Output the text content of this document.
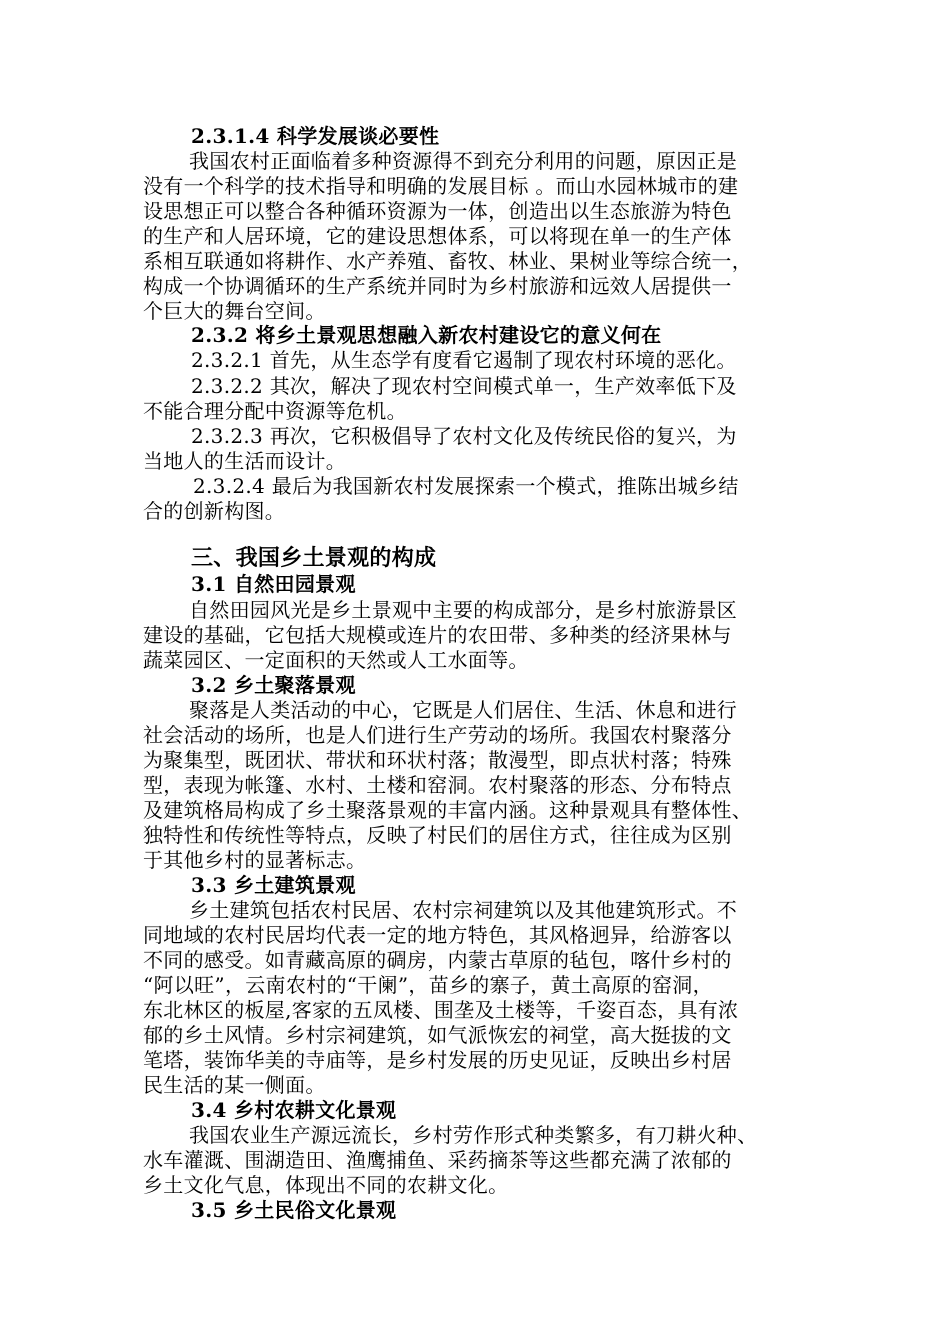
2.3.1.4 科学发展谈必要性
我国农村正面临着多种资源得不到充分利用的问题，原因正是
没有一个科学的技术指导和明确的发展目标 。而山水园林城市的建
设思想正可以整合各种循环资源为一体，创造出以生态旅游为特色
的生产和人居环境，它的建设思想体系，可以将现在单一的生产体
系相互联通如将耕作、水产养殖、畜牧、林业、果树业等综合统一，
构成一个协调循环的生产系统并同时为乡村旅游和远效人居提供一
个巨大的舞台空间。
2.3.2 将乡土景观思想融入新农村建设它的意义何在
2.3.2.1 首先，从生态学有度看它遏制了现农村环境的恶化。
2.3.2.2 其次，解决了现农村空间模式单一，生产效率低下及
不能合理分配中资源等危机。
2.3.2.3 再次，它积极倡导了农村文化及传统民俗的复兴，为
当地人的生活而设计。
2.3.2.4 最后为我国新农村发展探索一个模式，推陈出城乡结
合的创新构图。
三、我国乡土景观的构成
3.1 自然田园景观
自然田园风光是乡土景观中主要的构成部分，是乡村旅游景区
建设的基础，它包括大规模或连片的农田带、多种类的经济果林与
蔬菜园区、一定面积的天然或人工水面等。
3.2 乡土聚落景观
聚落是人类活动的中心，它既是人们居住、生活、休息和进行
社会活动的场所，也是人们进行生产劳动的场所。我国农村聚落分
为聚集型，既团状、带状和环状村落；散漫型，即点状村落；特殊
型，表现为帐篷、水村、土楼和窑洞。农村聚落的形态、分布特点
及建筑格局构成了乡土聚落景观的丰富内涵。这种景观具有整体性、
独特性和传统性等特点，反映了村民们的居住方式，往往成为区别
于其他乡村的显著标志。
3.3 乡土建筑景观
乡土建筑包括农村民居、农村宗祠建筑以及其他建筑形式。不
同地域的农村民居均代表一定的地方特色，其风格迥异，给游客以
不同的感受。如青藏高原的碉房，内蒙古草原的毡包，喀什乡村的
“阿以旺”，云南农村的“干阑”，苗乡的寨子，黄土高原的窑洞，
东北林区的板屋,客家的五凤楼、围垄及土楼等，千姿百态，具有浓
郁的乡土风情。乡村宗祠建筑，如气派恢宏的祠堂，高大挺拔的文
笔塔，装饰华美的寺庙等，是乡村发展的历史见证，反映出乡村居
民生活的某一侧面。
3.4 乡村农耕文化景观
我国农业生产源远流长，乡村劳作形式种类繁多，有刀耕火种、
水车灌溉、围湖造田、渔鹰捕鱼、采药摘茶等这些都充满了浓郁的
乡土文化气息，体现出不同的农耕文化。
3.5 乡土民俗文化景观
